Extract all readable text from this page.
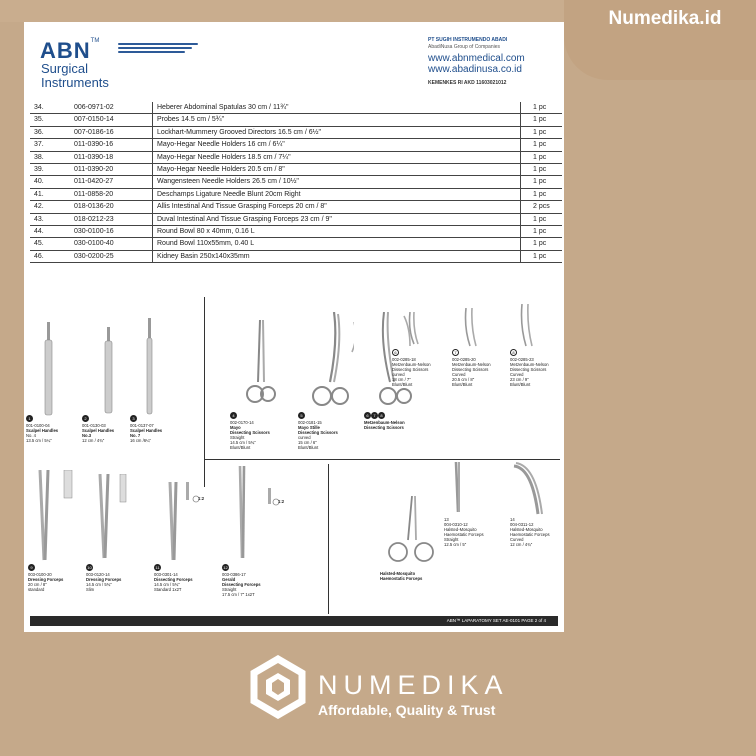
ABN™
Surgical
Instruments
PT SUGIH INSTRUMENDO ABADI
AbadiNusa Group of Companies
www.abnmedical.com
www.abadinusa.co.id
KEMENKES RI AKD 11603021012
34.	006-0971-02	Heberer Abdominal Spatulas 30 cm / 11¾"	1 pc
35.	007-0150-14	Probes 14.5 cm / 5¾"	1 pc
36.	007-0186-16	Lockhart-Mummery Grooved Directors 16.5 cm / 6½"	1 pc
37.	011-0390-16	Mayo-Hegar Needle Holders 16 cm / 6¼"	1 pc
38.	011-0390-18	Mayo-Hegar Needle Holders 18.5 cm / 7¼"	1 pc
39.	011-0390-20	Mayo-Hegar Needle Holders 20.5 cm / 8"	1 pc
40.	011-0420-27	Wangensteen Needle Holders 26.5 cm / 10½"	1 pc
41.	011-0858-20	Deschamps Ligature Needle Blunt 20cm Right	1 pc
42.	018-0136-20	Allis Intestinal And Tissue Grasping Forceps 20 cm / 8"	2 pcs
43.	018-0212-23	Duval Intestinal And Tissue Grasping Forceps 23 cm / 9"	1 pc
44.	030-0100-16	Round Bowl 80 x 40mm, 0.16 L	1 pc
45.	030-0100-40	Round Bowl 110x55mm, 0.40 L	1 pc
46.	030-0200-25	Kidney Basin 250x140x35mm	1 pc
1
001-0100-04
Scalpel Handles
No. 4
13.5 cm / 5¼"
2
001-0130-03
Scalpel Handles
No.3
12 cm / 4¾"
3
001-0137-07
Scalpel Handles
No. 7
16 cm /6¼"
4
002-0170-14
Mayo
Dissecting Scissors
Straight
14.5 cm / 5¾"
Blunt/Blunt
5
002-0181-15
Mayo Stille
Dissecting Scissors
curved
15 cm / 6"
Blunt/Blunt
6 7 8
Metzenbaum-Nelson
Dissecting Scissors
6
002-0285-18
Metzenbaum-Nelson
Dissecting Scissors
curved
18 cm / 7"
Blunt/Blunt
7
002-0285-20
Metzenbaum-Nelson
Dissecting Scissors
Curved
20.5 cm / 8"
Blunt/Blunt
8
002-0285-23
Metzenbaum-Nelson
Dissecting Scissors
Curved
23 cm / 9"
Blunt/Blunt
9
003-0100-20
Dressing Forceps
20 cm / 8"
standard
10
003-0120-14
Dressing Forceps
14.5 cm / 5¾"
Slim
1:2
11
003-0301-14
Dissecting Forceps
14.5 cm / 5¾"
Standard 1x2T
1:2
12
003-0386-17
Gerald
Dissecting Forceps
Straight
17.5 cm / 7" 1x2T
Halsted-Mosquito
Haemostatic Forceps
13
004-0310-12
Halsted-Mosquito
Haemostatic Forceps
Straight
12.5 cm / 5"
14
004-0311-12
Halsted-Mosquito
Haemostatic Forceps
Curved
12 cm / 4¾"
ABN™ LAPARATOMY SET AE-0101 PAGE 2 of 4
Numedika.id
NUMEDIKA
Affordable, Quality & Trust
